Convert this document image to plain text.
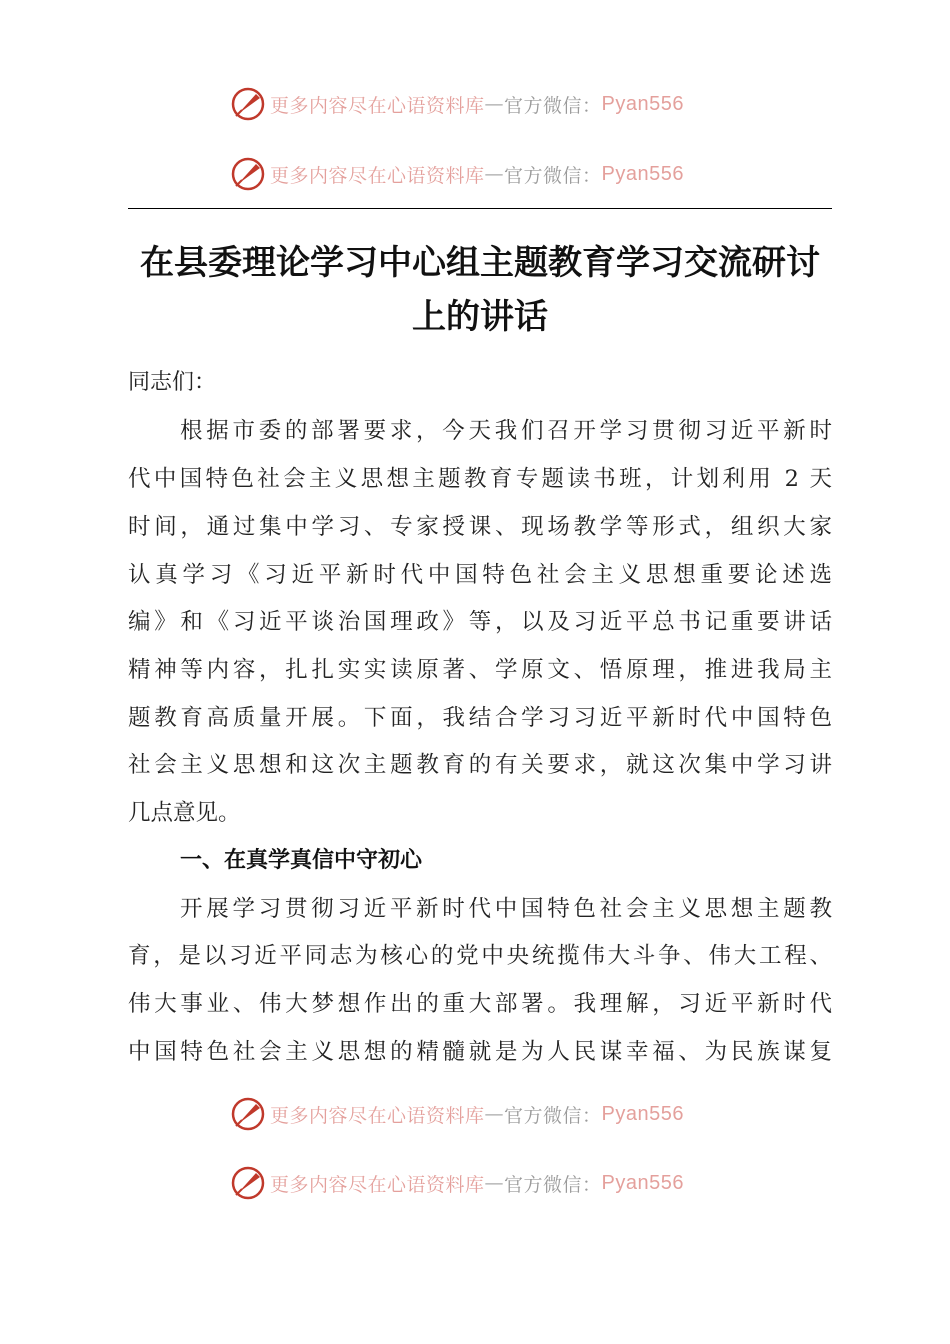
更多内容尽在心语资料库 — 官方微信： Pyan556
更多内容尽在心语资料库 — 官方微信： Pyan556
在县委理论学习中心组主题教育学习交流研讨
上的讲话
同志们：
根据市委的部署要求，今天我们召开学习贯彻习近平新时
代中国特色社会主义思想主题教育专题读书班，计划利用 2 天
时间，通过集中学习、专家授课、现场教学等形式，组织大家
认真学习《习近平新时代中国特色社会主义思想重要论述选
编》和《习近平谈治国理政》等，以及习近平总书记重要讲话
精神等内容，扎扎实实读原著、学原文、悟原理，推进我局主
题教育高质量开展。下面，我结合学习习近平新时代中国特色
社会主义思想和这次主题教育的有关要求，就这次集中学习讲
几点意见。
一、在真学真信中守初心
开展学习贯彻习近平新时代中国特色社会主义思想主题教
育，是以习近平同志为核心的党中央统揽伟大斗争、伟大工程、
伟大事业、伟大梦想作出的重大部署。我理解，习近平新时代
中国特色社会主义思想的精髓就是为人民谋幸福、为民族谋复
更多内容尽在心语资料库 — 官方微信： Pyan556
更多内容尽在心语资料库 — 官方微信： Pyan556
